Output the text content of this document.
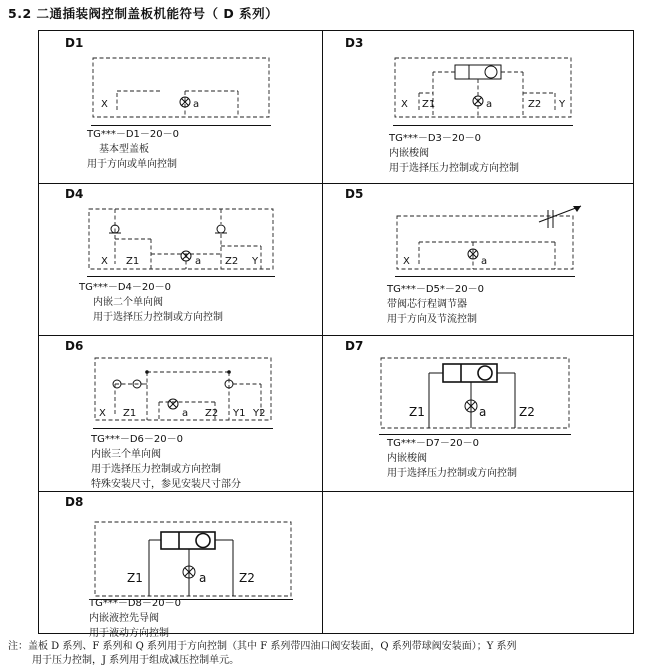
5.2 二通插装阀控制盖板机能符号（ D 系列）
D1
X	a
TG***－D1－20－0
基本型盖板
用于方向或单向控制
D3
X Z1	a	Z2 Y
TG***－D3－20－0
内嵌梭阀
用于选择压力控制或方向控制
D4
X Z1	a Z2 Y
TG***－D4－20－0
内嵌二个单向阀
用于选择压力控制或方向控制
D5
X	a
TG***－D5*－20－0
带阀芯行程调节器
用于方向及节流控制
D6
X Z1	a Z2 Y1 Y2
TG***－D6－20－0
内嵌三个单向阀
用于选择压力控制或方向控制
特殊安装尺寸，参见安装尺寸部分
D7
Z1	a	Z2
TG***－D7－20－0
内嵌梭阀
用于选择压力控制或方向控制
D8
Z1	a	Z2
TG***－D8－20－0
内嵌液控先导阀
用于液动方向控制
注：盖板 D 系列、F 系列和 Q 系列用于方向控制（其中 F 系列带四油口阀安装面，Q 系列带球阀安装面）；Y 系列
用于压力控制，J 系列用于组成减压控制单元。
